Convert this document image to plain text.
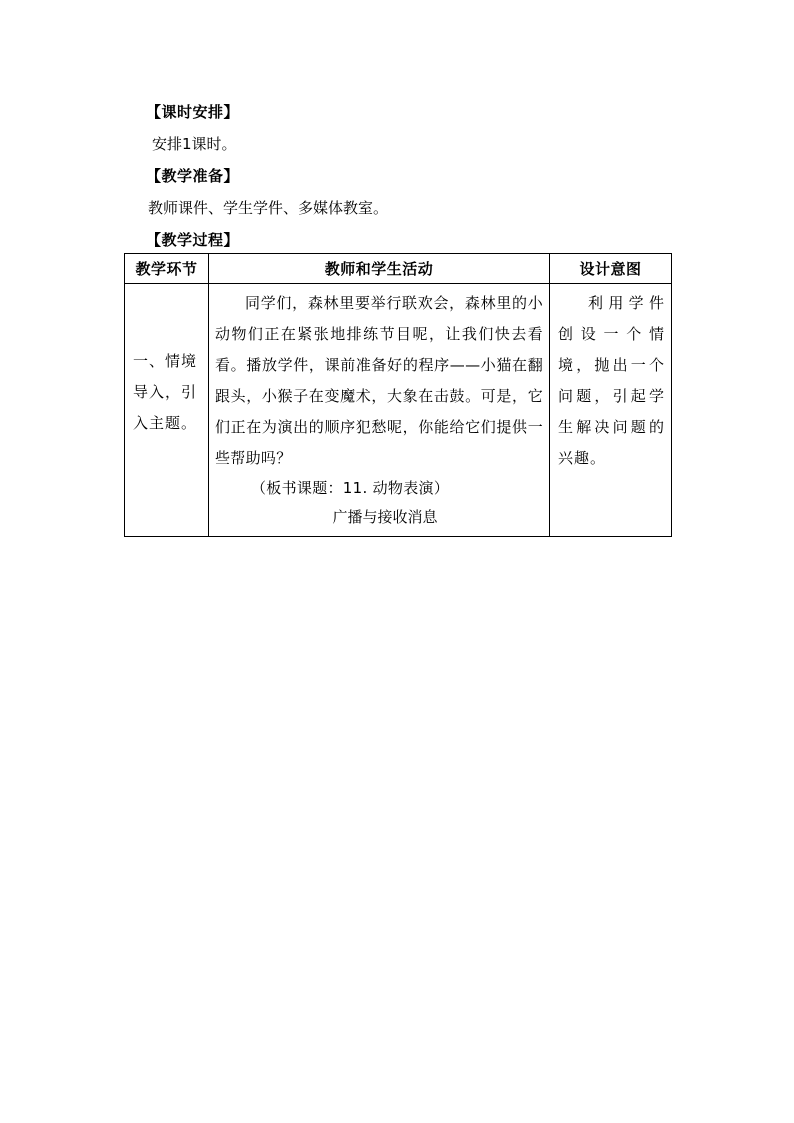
【课时安排】
安排1课时。
【教学准备】
教师课件、学生学件、多媒体教室。
【教学过程】
教学环节	教师和学生活动	设计意图
一、情境导入，引入主题。	同学们，森林里要举行联欢会，森林里的小动物们正在紧张地排练节目呢，让我们快去看看。播放学件，课前准备好的程序——小猫在翻跟头，小猴子在变魔术，大象在击鼓。可是，它们正在为演出的顺序犯愁呢，你能给它们提供一些帮助吗？
（板书课题：11. 动物表演）
广播与接收消息	利用学件创设一个情境，抛出一个问题，引起学生解决问题的兴趣。
